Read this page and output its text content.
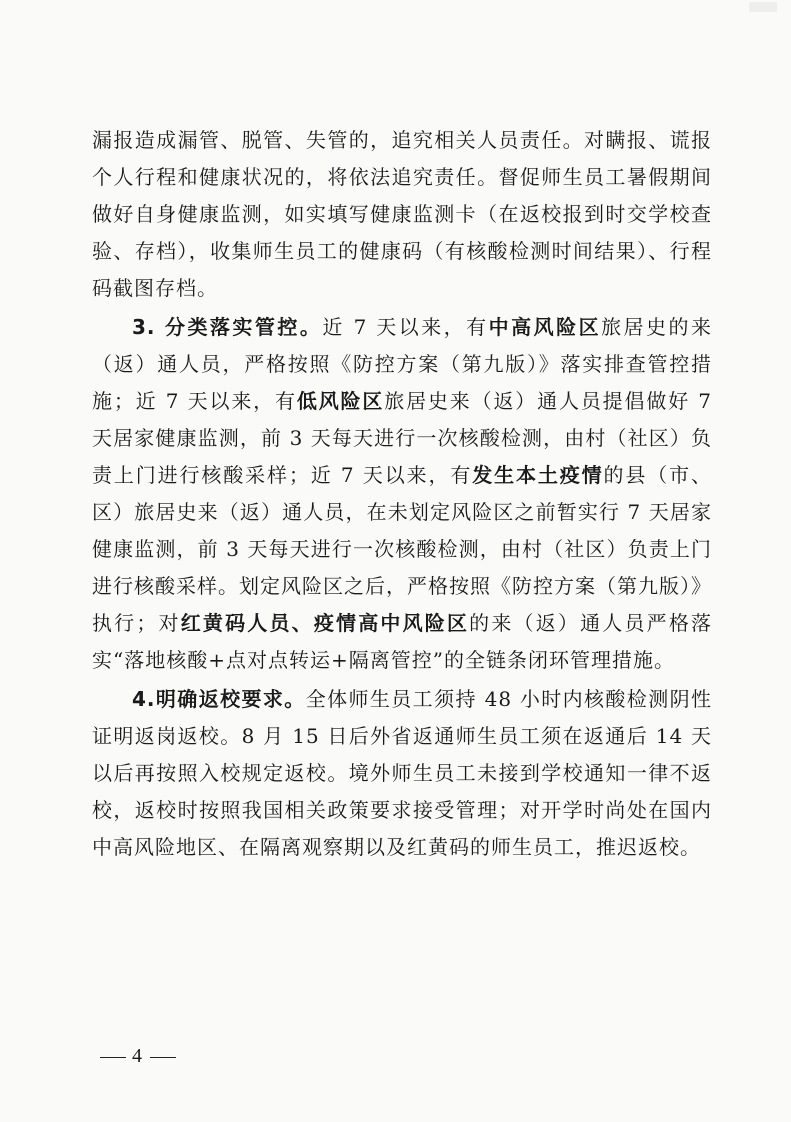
漏报造成漏管、脱管、失管的，追究相关人员责任。对瞒报、谎报个人行程和健康状况的，将依法追究责任。督促师生员工暑假期间做好自身健康监测，如实填写健康监测卡（在返校报到时交学校查验、存档），收集师生员工的健康码（有核酸检测时间结果）、行程码截图存档。

3. 分类落实管控。近 7 天以来，有中高风险区旅居史的来（返）通人员，严格按照《防控方案（第九版）》落实排查管控措施；近 7 天以来，有低风险区旅居史来（返）通人员提倡做好 7 天居家健康监测，前 3 天每天进行一次核酸检测，由村（社区）负责上门进行核酸采样；近 7 天以来，有发生本土疫情的县（市、区）旅居史来（返）通人员，在未划定风险区之前暂实行 7 天居家健康监测，前 3 天每天进行一次核酸检测，由村（社区）负责上门进行核酸采样。划定风险区之后，严格按照《防控方案（第九版）》执行；对红黄码人员、疫情高中风险区的来（返）通人员严格落实“落地核酸+点对点转运+隔离管控”的全链条闭环管理措施。

4.明确返校要求。全体师生员工须持 48 小时内核酸检测阴性证明返岗返校。8 月 15 日后外省返通师生员工须在返通后 14 天以后再按照入校规定返校。境外师生员工未接到学校通知一律不返校，返校时按照我国相关政策要求接受管理；对开学时尚处在国内中高风险地区、在隔离观察期以及红黄码的师生员工，推迟返校。

4
